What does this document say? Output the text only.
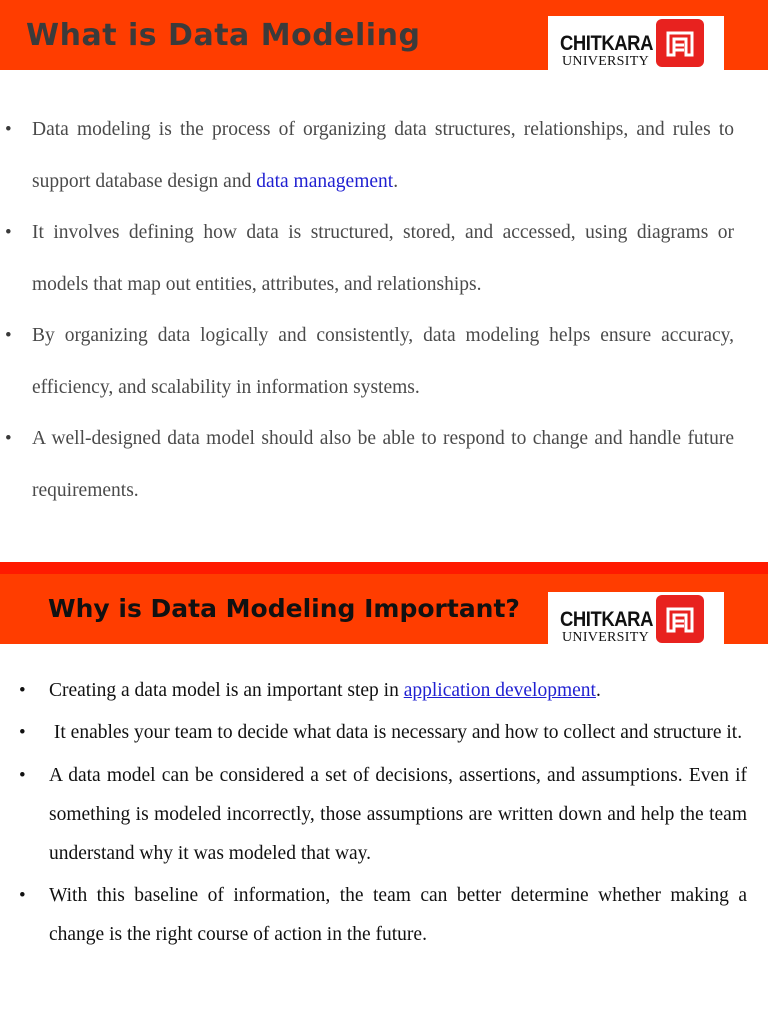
What is Data Modeling	CHITKARA
UNIVERSITY
• Data modeling is the process of organizing data structures, relationships, and rules to support database design and data management.
• It involves defining how data is structured, stored, and accessed, using diagrams or models that map out entities, attributes, and relationships.
• By organizing data logically and consistently, data modeling helps ensure accuracy, efficiency, and scalability in information systems.
• A well-designed data model should also be able to respond to change and handle future requirements.
Why is Data Modeling Important? CHITKARA
UNIVERSITY
• Creating a data model is an important step in application development.
• It enables your team to decide what data is necessary and how to collect and structure it.
• A data model can be considered a set of decisions, assertions, and assumptions. Even if something is modeled incorrectly, those assumptions are written down and help the team understand why it was modeled that way.
• With this baseline of information, the team can better determine whether making a change is the right course of action in the future.
